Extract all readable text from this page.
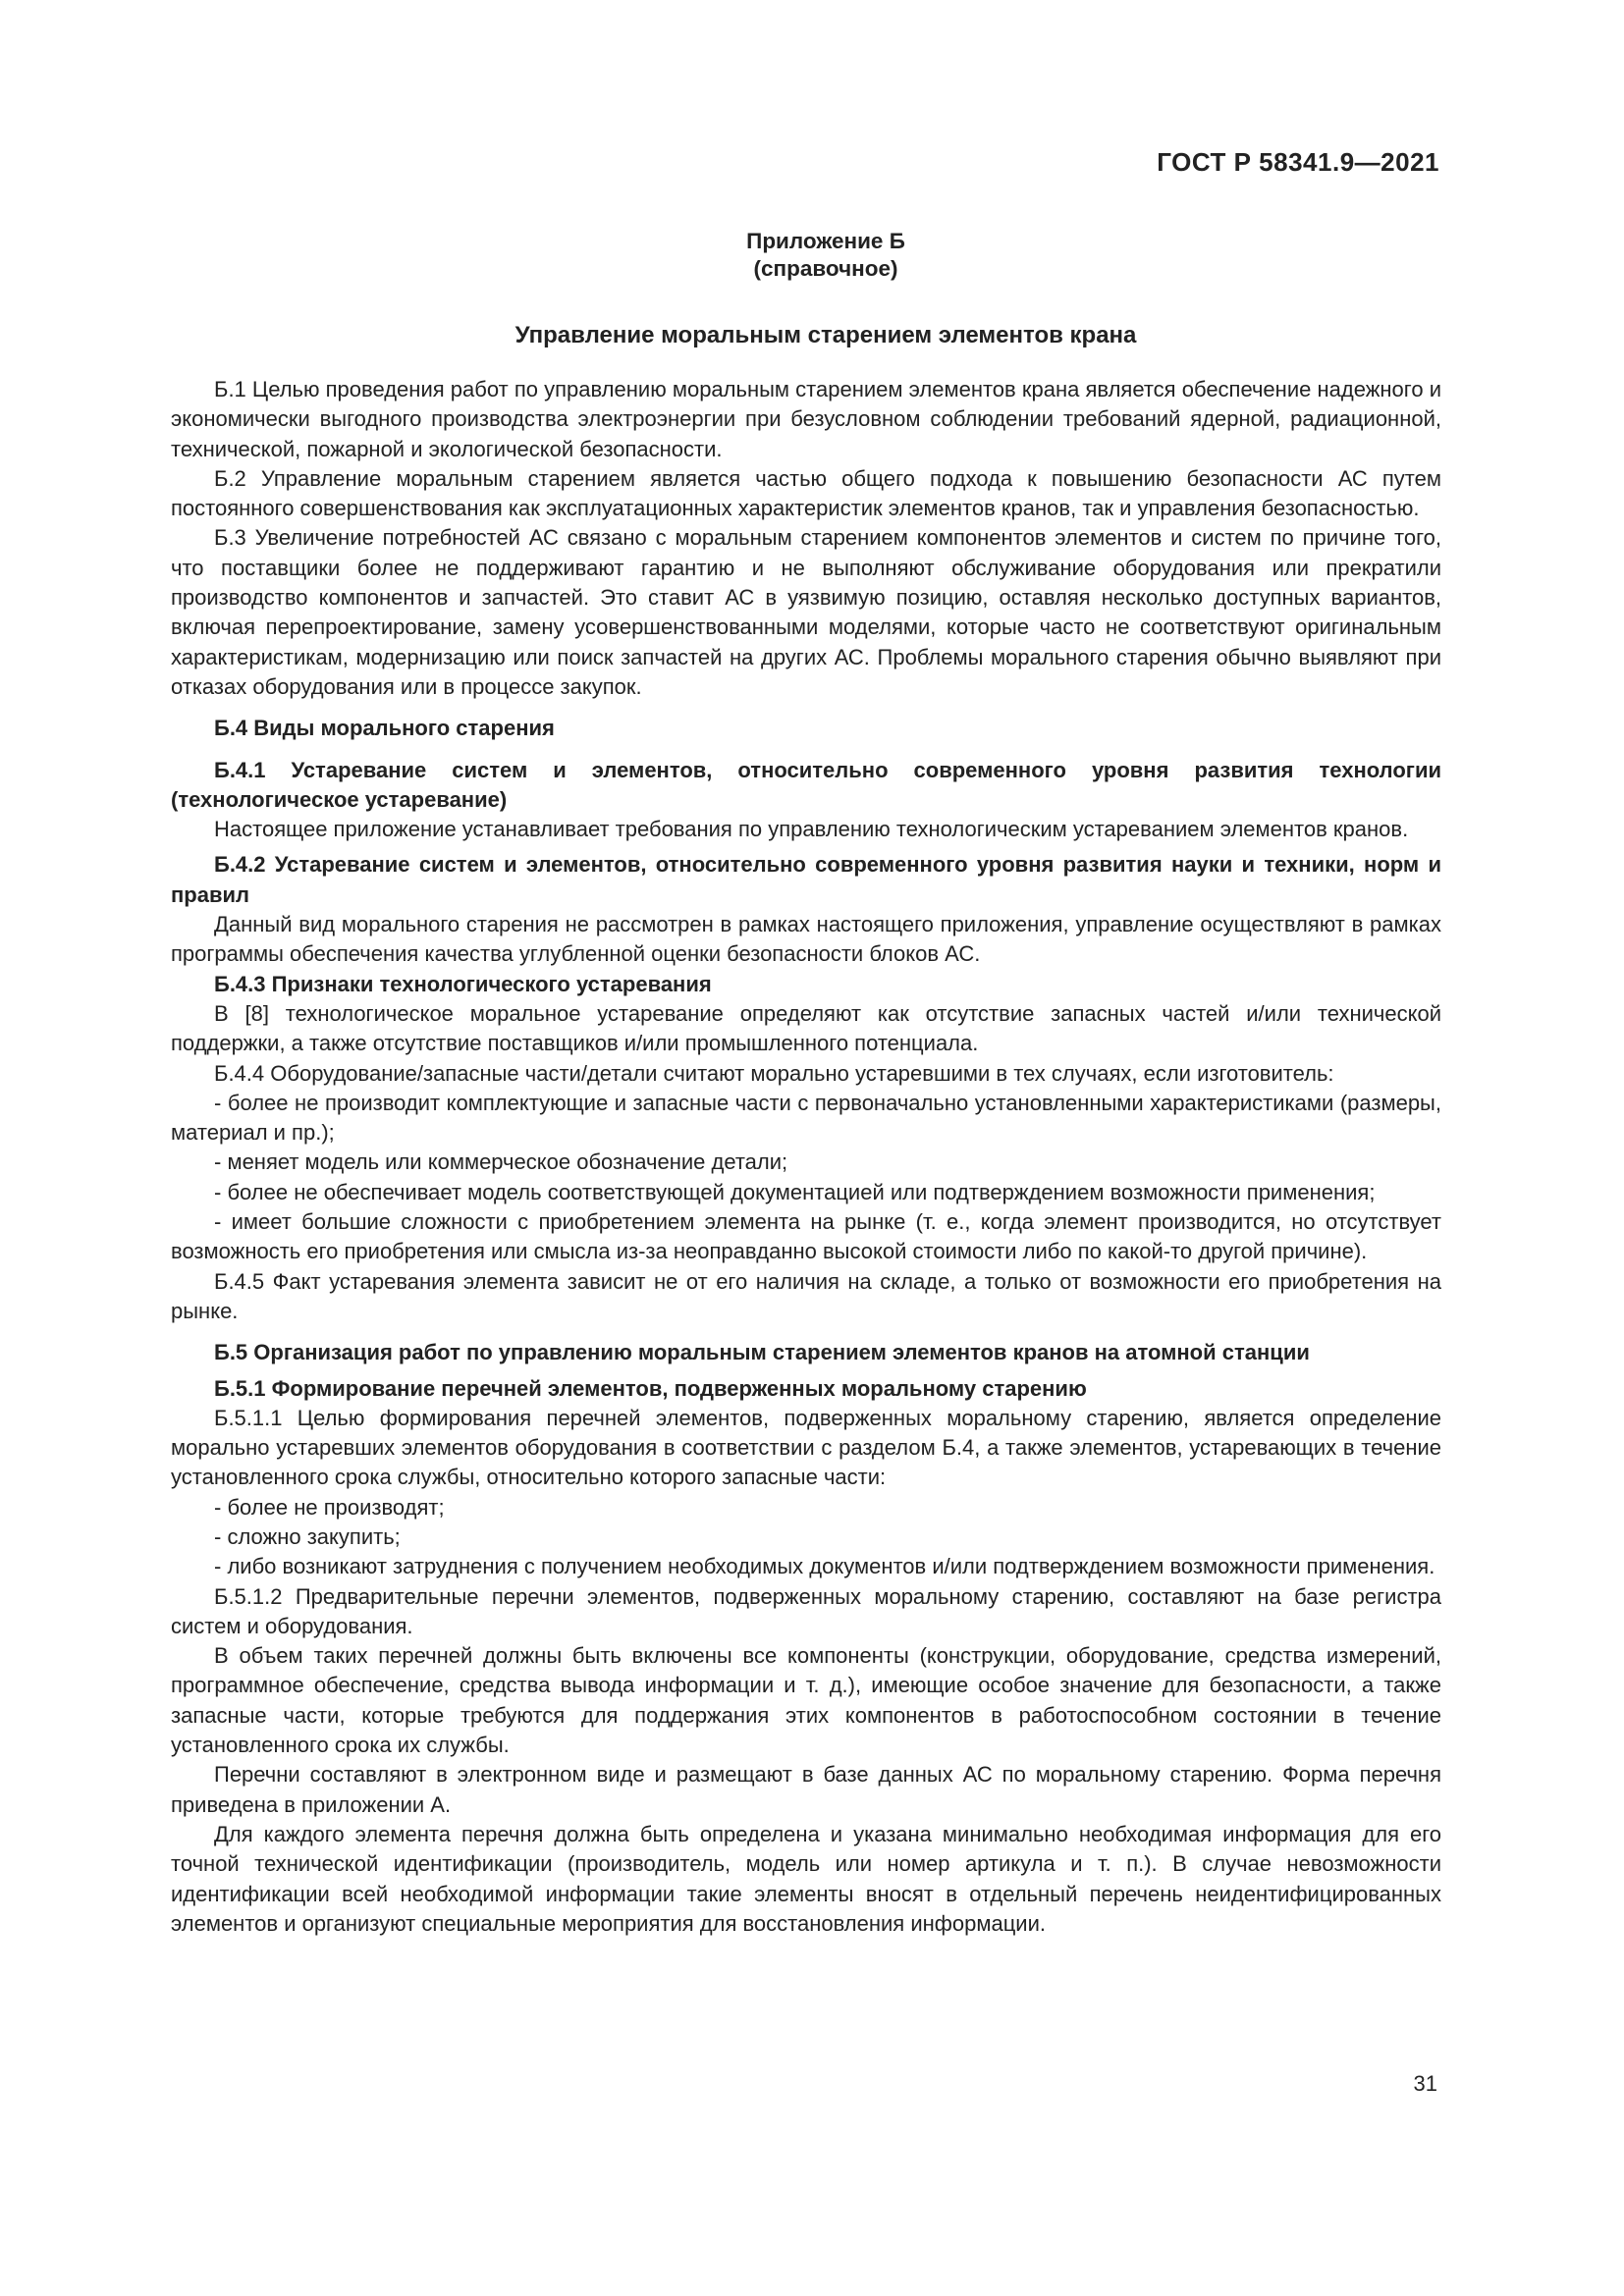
ГОСТ Р 58341.9—2021
Приложение Б
(справочное)
Управление моральным старением элементов крана

Б.1 Целью проведения работ по управлению моральным старением элементов крана является обеспечение надежного и экономически выгодного производства электроэнергии при безусловном соблюдении требований ядерной, радиационной, технической, пожарной и экологической безопасности.

Б.2 Управление моральным старением является частью общего подхода к повышению безопасности АС путем постоянного совершенствования как эксплуатационных характеристик элементов кранов, так и управления безопасностью.

Б.3 Увеличение потребностей АС связано с моральным старением компонентов элементов и систем по причине того, что поставщики более не поддерживают гарантию и не выполняют обслуживание оборудования или прекратили производство компонентов и запчастей. Это ставит АС в уязвимую позицию, оставляя несколько доступных вариантов, включая перепроектирование, замену усовершенствованными моделями, которые часто не соответствуют оригинальным характеристикам, модернизацию или поиск запчастей на других АС. Проблемы морального старения обычно выявляют при отказах оборудования или в процессе закупок.

Б.4 Виды морального старения

Б.4.1 Устаревание систем и элементов, относительно современного уровня развития технологии (технологическое устаревание)

Настоящее приложение устанавливает требования по управлению технологическим устареванием элементов кранов.

Б.4.2 Устаревание систем и элементов, относительно современного уровня развития науки и техники, норм и правил

Данный вид морального старения не рассмотрен в рамках настоящего приложения, управление осуществляют в рамках программы обеспечения качества углубленной оценки безопасности блоков АС.

Б.4.3 Признаки технологического устаревания

В [8] технологическое моральное устаревание определяют как отсутствие запасных частей и/или технической поддержки, а также отсутствие поставщиков и/или промышленного потенциала.

Б.4.4 Оборудование/запасные части/детали считают морально устаревшими в тех случаях, если изготовитель:

- более не производит комплектующие и запасные части с первоначально установленными характеристиками (размеры, материал и пр.);

- меняет модель или коммерческое обозначение детали;

- более не обеспечивает модель соответствующей документацией или подтверждением возможности применения;

- имеет большие сложности с приобретением элемента на рынке (т. е., когда элемент производится, но отсутствует возможность его приобретения или смысла из-за неоправданно высокой стоимости либо по какой-то другой причине).

Б.4.5 Факт устаревания элемента зависит не от его наличия на складе, а только от возможности его приобретения на рынке.

Б.5 Организация работ по управлению моральным старением элементов кранов на атомной станции

Б.5.1 Формирование перечней элементов, подверженных моральному старению

Б.5.1.1 Целью формирования перечней элементов, подверженных моральному старению, является определение морально устаревших элементов оборудования в соответствии с разделом Б.4, а также элементов, устаревающих в течение установленного срока службы, относительно которого запасные части:

- более не производят;

- сложно закупить;

- либо возникают затруднения с получением необходимых документов и/или подтверждением возможности применения.

Б.5.1.2 Предварительные перечни элементов, подверженных моральному старению, составляют на базе регистра систем и оборудования.

В объем таких перечней должны быть включены все компоненты (конструкции, оборудование, средства измерений, программное обеспечение, средства вывода информации и т. д.), имеющие особое значение для безопасности, а также запасные части, которые требуются для поддержания этих компонентов в работоспособном состоянии в течение установленного срока их службы.

Перечни составляют в электронном виде и размещают в базе данных АС по моральному старению. Форма перечня приведена в приложении А.

Для каждого элемента перечня должна быть определена и указана минимально необходимая информация для его точной технической идентификации (производитель, модель или номер артикула и т. п.). В случае невозможности идентификации всей необходимой информации такие элементы вносят в отдельный перечень неидентифицированных элементов и организуют специальные мероприятия для восстановления информации.

31
